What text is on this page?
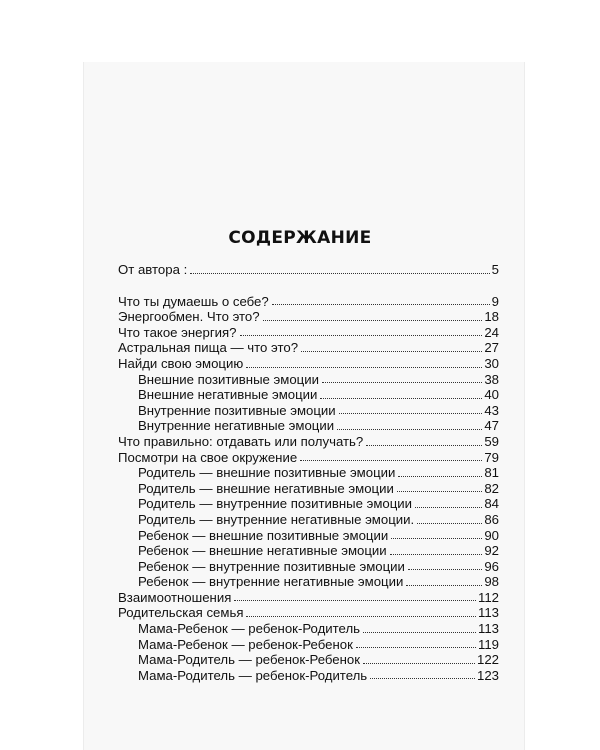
СОДЕРЖАНИЕ
От автора :	5
Что ты думаешь о себе?	9
Энергообмен. Что это?	18
Что такое энергия?	24
Астральная пища — что это?	27
Найди свою эмоцию	30
Внешние позитивные эмоции	38
Внешние негативные эмоции	40
Внутренние позитивные эмоции	43
Внутренние негативные эмоции	47
Что правильно: отдавать или получать?	59
Посмотри на свое окружение	79
Родитель — внешние позитивные эмоции	81
Родитель — внешние негативные эмоции	82
Родитель — внутренние позитивные эмоции	84
Родитель — внутренние негативные эмоции.	86
Ребенок — внешние позитивные эмоции	90
Ребенок — внешние негативные эмоции	92
Ребенок — внутренние позитивные эмоции	96
Ребенок — внутренние негативные эмоции	98
Взаимоотношения	112
Родительская семья	113
Мама-Ребенок — ребенок-Родитель	113
Мама-Ребенок — ребенок-Ребенок	119
Мама-Родитель — ребенок-Ребенок	122
Мама-Родитель — ребенок-Родитель	123
